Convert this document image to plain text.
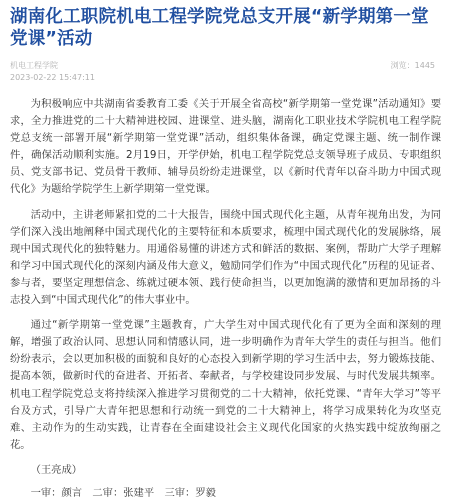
湖南化工职院机电工程学院党总支开展“新学期第一堂党课”活动
机电工程学院	浏览：1445
2023-02-22 15:47:11

为积极响应中共湖南省委教育工委《关于开展全省高校“新学期第一堂党课”活动通知》要求，全力推进党的二十大精神进校园、进课堂、进头脑，湖南化工职业技术学院机电工程学院党总支统一部署开展“新学期第一堂党课”活动，组织集体备课，确定党课主题、统一制作课件，确保活动顺利实施。2月19日，开学伊始，机电工程学院党总支领导班子成员、专职组织员、党支部书记、党员骨干教师、辅导员纷纷走进课堂，以《新时代青年以奋斗助力中国式现代化》为题给学院学生上新学期第一堂党课。

活动中，主讲老师紧扣党的二十大报告，围绕中国式现代化主题，从青年视角出发，为同学们深入浅出地阐释中国式现代化的主要特征和本质要求，梳理中国式现代化的发展脉络，展现中国式现代化的独特魅力。用通俗易懂的讲述方式和鲜活的数据、案例，帮助广大学子理解和学习中国式现代化的深刻内涵及伟大意义，勉励同学们作为“中国式现代化”历程的见证者、参与者，要坚定理想信念、练就过硬本领、践行使命担当，以更加饱满的激情和更加昂扬的斗志投入到“中国式现代化”的伟大事业中。

通过“新学期第一堂党课”主题教育，广大学生对中国式现代化有了更为全面和深刻的理解，增强了政治认同、思想认同和情感认同，进一步明确作为青年大学生的责任与担当。他们纷纷表示，会以更加积极的面貌和良好的心态投入到新学期的学习生活中去，努力锻炼技能、提高本领，做新时代的奋进者、开拓者、奉献者，与学校建设同步发展、与时代发展共频率。机电工程学院党总支将持续深入推进学习贯彻党的二十大精神，依托党课、“青年大学习”等平台及方式，引导广大青年把思想和行动统一到党的二十大精神上，将学习成果转化为攻坚克难、主动作为的生动实践，让青春在全面建设社会主义现代化国家的火热实践中绽放绚丽之花。

（王亮成）

一审：颜言　二审：张建平　三审：罗毅
